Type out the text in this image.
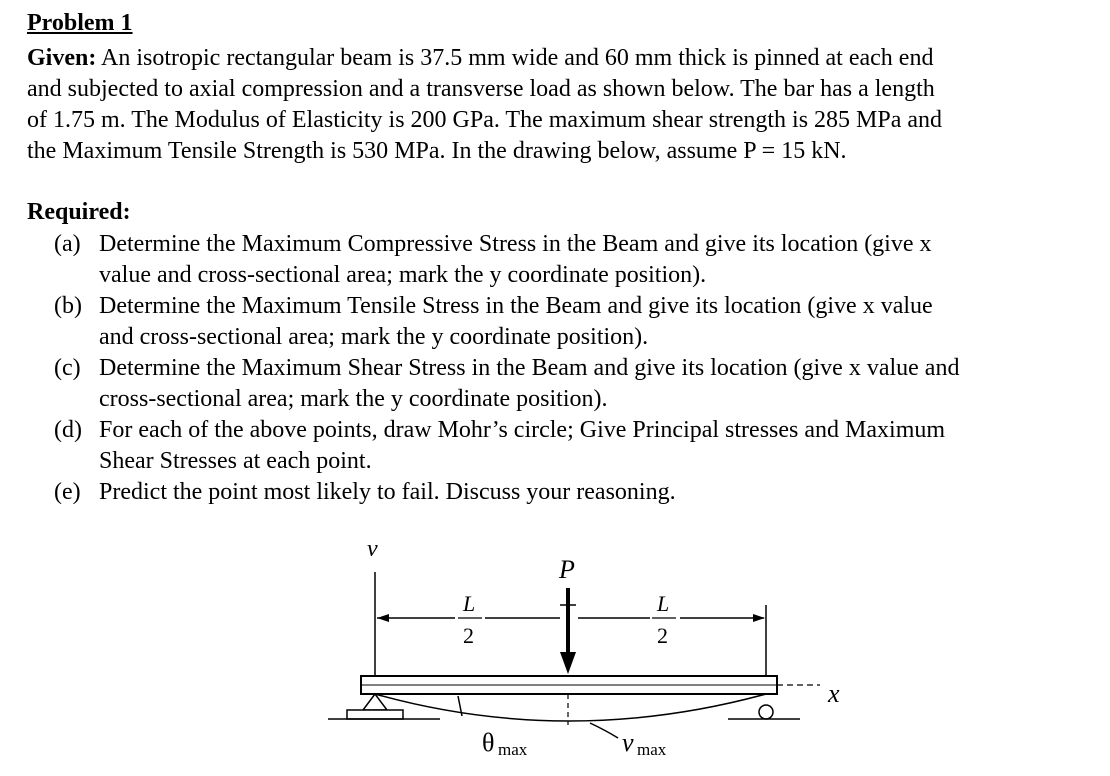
Problem 1

Given: An isotropic rectangular beam is 37.5 mm wide and 60 mm thick is pinned at each end

and subjected to axial compression and a transverse load as shown below. The bar has a length

of 1.75 m. The Modulus of Elasticity is 200 GPa. The maximum shear strength is 285 MPa and

the Maximum Tensile Strength is 530 MPa. In the drawing below, assume P = 15 kN.

Required:
(a) Determine the Maximum Compressive Stress in the Beam and give its location (give x
value and cross-sectional area; mark the y coordinate position).
(b) Determine the Maximum Tensile Stress in the Beam and give its location (give x value
and cross-sectional area; mark the y coordinate position).
(c) Determine the Maximum Shear Stress in the Beam and give its location (give x value and
cross-sectional area; mark the y coordinate position).
(d) For each of the above points, draw Mohr’s circle; Give Principal stresses and Maximum
Shear Stresses at each point.
(e) Predict the point most likely to fail. Discuss your reasoning.
v
L
2
L
2
P
x
θ max	v max
